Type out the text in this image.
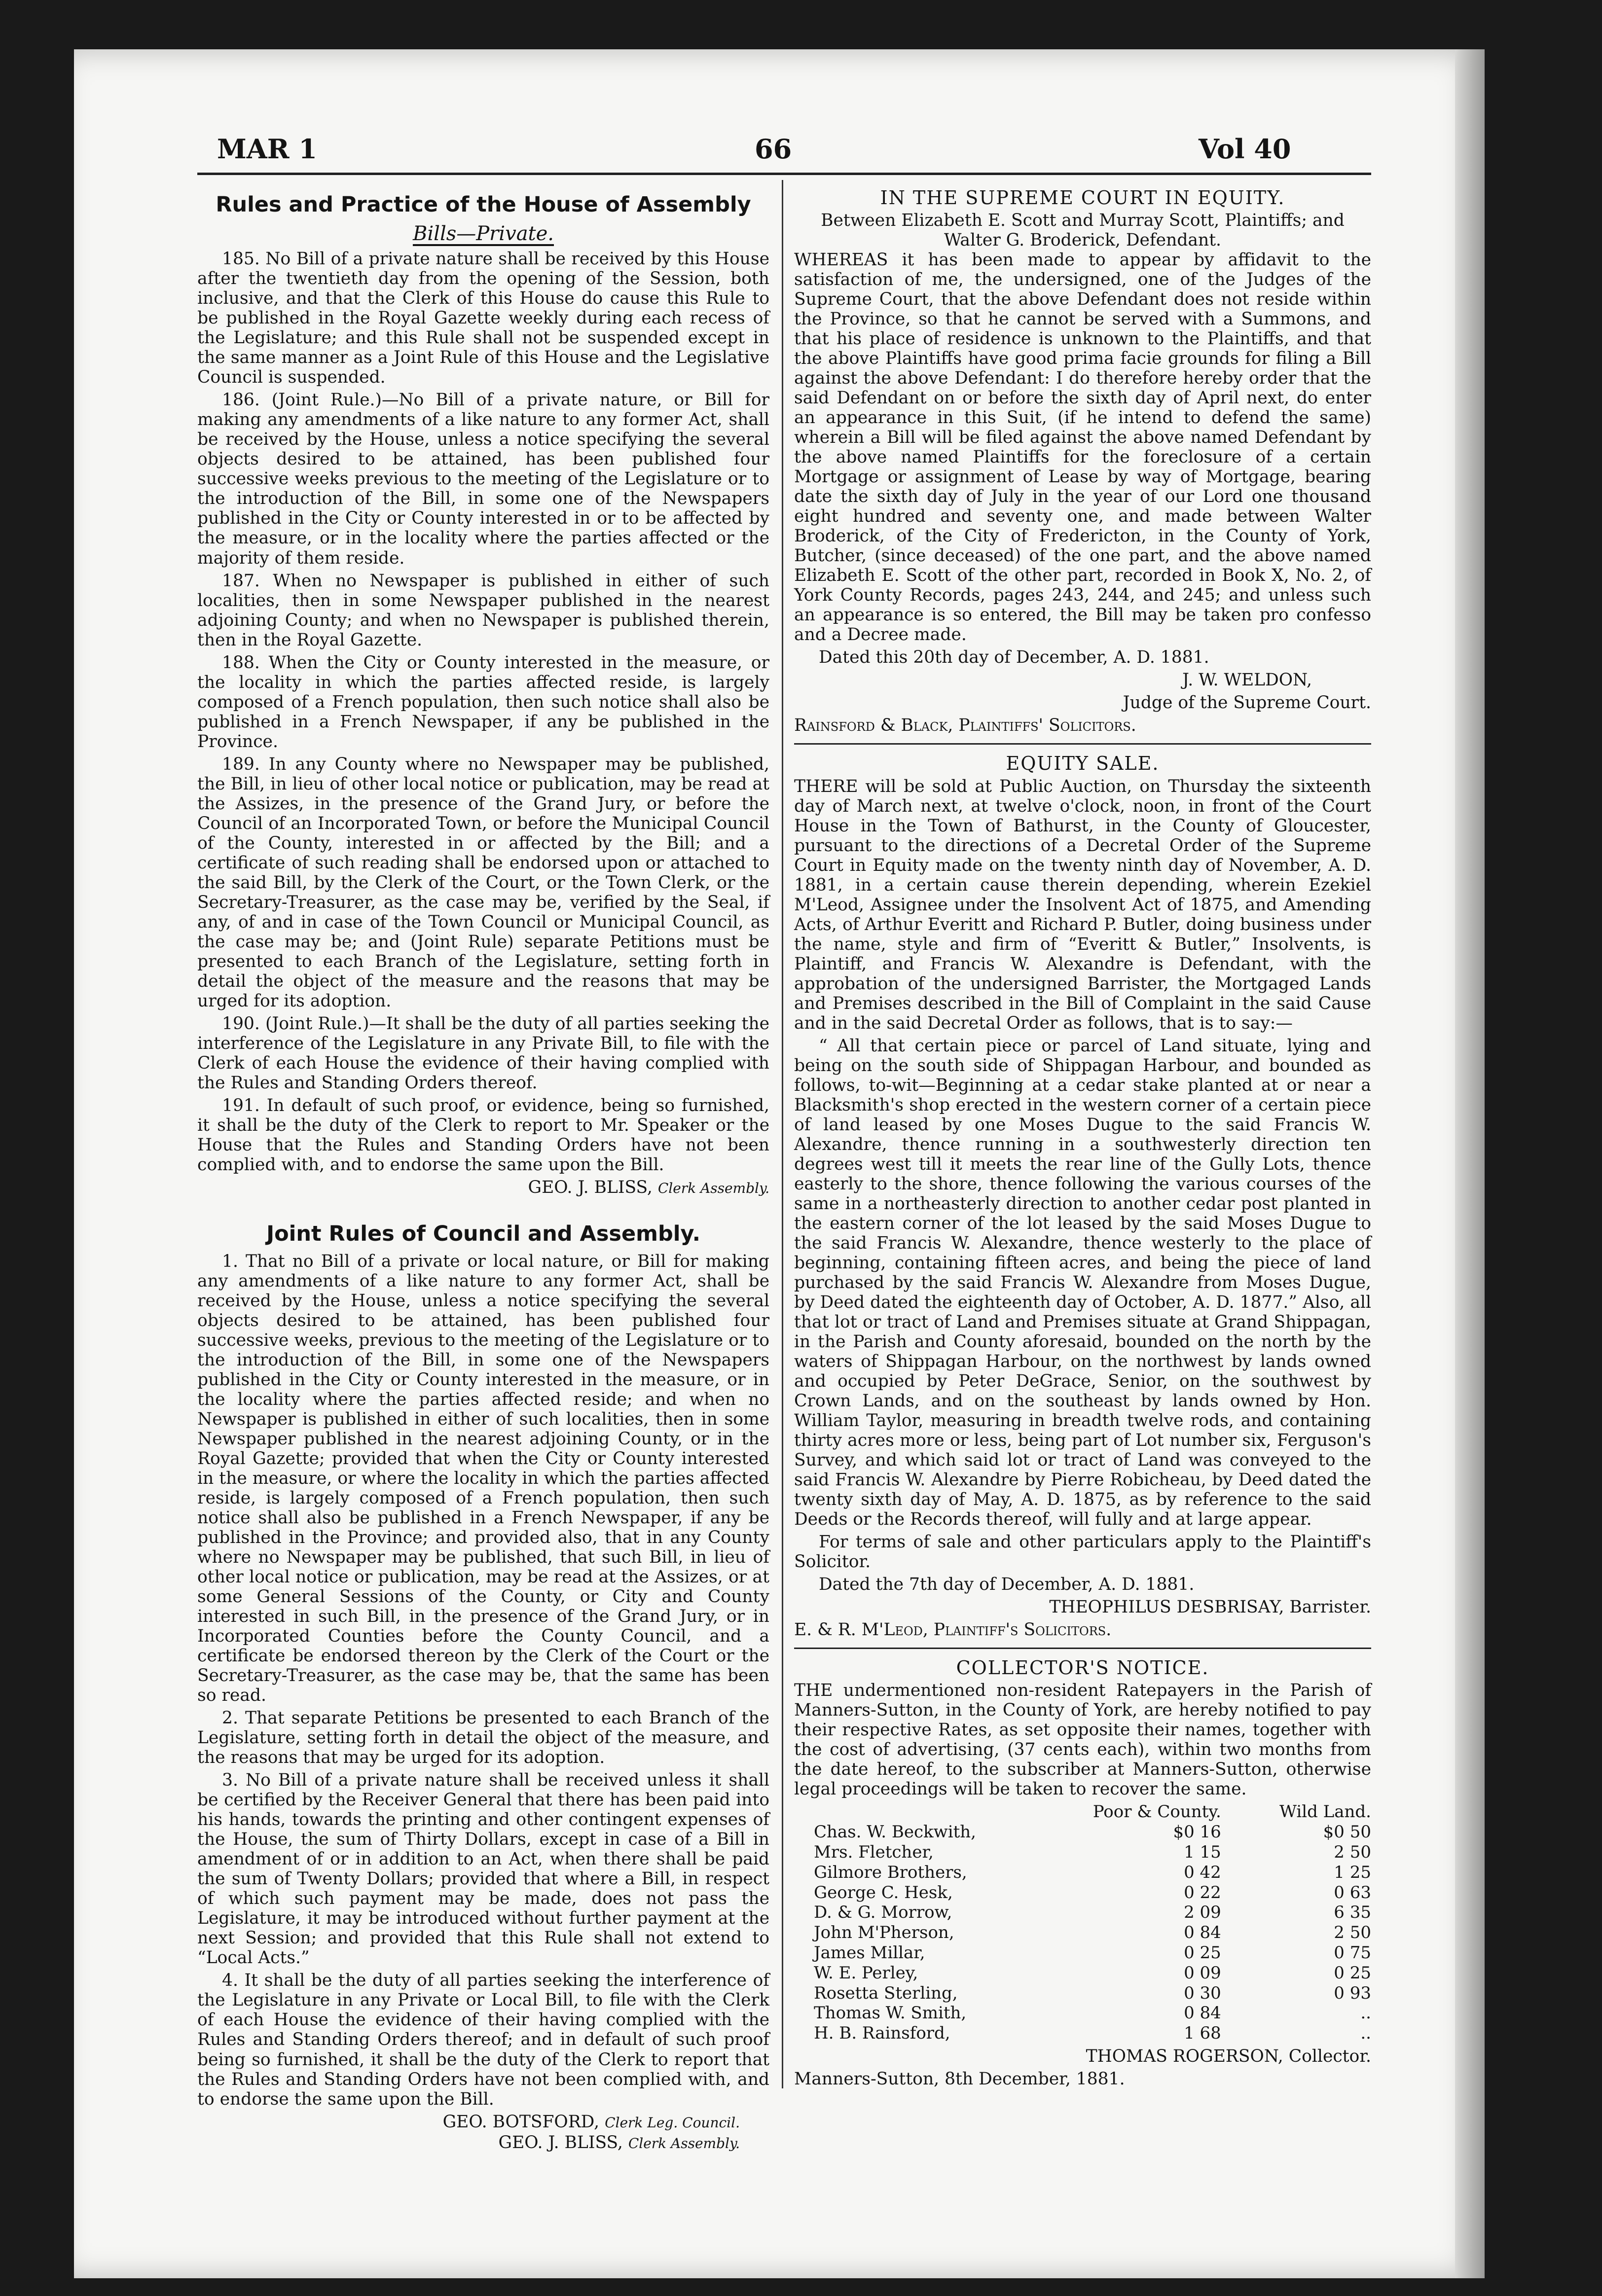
MAR 1	66	Vol 40
Rules and Practice of the House of Assembly
Bills—Private.

185. No Bill of a private nature shall be received by this House after the twentieth day from the opening of the Session, both inclusive, and that the Clerk of this House do cause this Rule to be published in the Royal Gazette weekly during each recess of the Legislature; and this Rule shall not be suspended except in the same manner as a Joint Rule of this House and the Legislative Council is suspended.

186. (Joint Rule.)—No Bill of a private nature, or Bill for making any amendments of a like nature to any former Act, shall be received by the House, unless a notice specifying the several objects desired to be attained, has been published four successive weeks previous to the meeting of the Legislature or to the introduction of the Bill, in some one of the Newspapers published in the City or County interested in or to be affected by the measure, or in the locality where the parties affected or the majority of them reside.

187. When no Newspaper is published in either of such localities, then in some Newspaper published in the nearest adjoining County; and when no Newspaper is published therein, then in the Royal Gazette.

188. When the City or County interested in the measure, or the locality in which the parties affected reside, is largely composed of a French population, then such notice shall also be published in a French Newspaper, if any be published in the Province.

189. In any County where no Newspaper may be published, the Bill, in lieu of other local notice or publication, may be read at the Assizes, in the presence of the Grand Jury, or before the Council of an Incorporated Town, or before the Municipal Council of the County, interested in or affected by the Bill; and a certificate of such reading shall be endorsed upon or attached to the said Bill, by the Clerk of the Court, or the Town Clerk, or the Secretary-Treasurer, as the case may be, verified by the Seal, if any, of and in case of the Town Council or Municipal Council, as the case may be; and (Joint Rule) separate Petitions must be presented to each Branch of the Legislature, setting forth in detail the object of the measure and the reasons that may be urged for its adoption.

190. (Joint Rule.)—It shall be the duty of all parties seeking the interference of the Legislature in any Private Bill, to file with the Clerk of each House the evidence of their having complied with the Rules and Standing Orders thereof.

191. In default of such proof, or evidence, being so furnished, it shall be the duty of the Clerk to report to Mr. Speaker or the House that the Rules and Standing Orders have not been complied with, and to endorse the same upon the Bill.

GEO. J. BLISS, Clerk Assembly.
Joint Rules of Council and Assembly.

1. That no Bill of a private or local nature, or Bill for making any amendments of a like nature to any former Act, shall be received by the House, unless a notice specifying the several objects desired to be attained, has been published four successive weeks, previous to the meeting of the Legislature or to the introduction of the Bill, in some one of the Newspapers published in the City or County interested in the measure, or in the locality where the parties affected reside; and when no Newspaper is published in either of such localities, then in some Newspaper published in the nearest adjoining County, or in the Royal Gazette; provided that when the City or County interested in the measure, or where the locality in which the parties affected reside, is largely composed of a French population, then such notice shall also be published in a French Newspaper, if any be published in the Province; and provided also, that in any County where no Newspaper may be published, that such Bill, in lieu of other local notice or publication, may be read at the Assizes, or at some General Sessions of the County, or City and County interested in such Bill, in the presence of the Grand Jury, or in Incorporated Counties before the County Council, and a certificate be endorsed thereon by the Clerk of the Court or the Secretary-Treasurer, as the case may be, that the same has been so read.

2. That separate Petitions be presented to each Branch of the Legislature, setting forth in detail the object of the measure, and the reasons that may be urged for its adoption.

3. No Bill of a private nature shall be received unless it shall be certified by the Receiver General that there has been paid into his hands, towards the printing and other contingent expenses of the House, the sum of Thirty Dollars, except in case of a Bill in amendment of or in addition to an Act, when there shall be paid the sum of Twenty Dollars; provided that where a Bill, in respect of which such payment may be made, does not pass the Legislature, it may be introduced without further payment at the next Session; and provided that this Rule shall not extend to “Local Acts.”

4. It shall be the duty of all parties seeking the interference of the Legislature in any Private or Local Bill, to file with the Clerk of each House the evidence of their having complied with the Rules and Standing Orders thereof; and in default of such proof being so furnished, it shall be the duty of the Clerk to report that the Rules and Standing Orders have not been complied with, and to endorse the same upon the Bill.

GEO. BOTSFORD, Clerk Leg. Council.
GEO. J. BLISS, Clerk Assembly.
IN THE SUPREME COURT IN EQUITY.
Between Elizabeth E. Scott and Murray Scott, Plaintiffs; and
Walter G. Broderick, Defendant.

WHEREAS it has been made to appear by affidavit to the satisfaction of me, the undersigned, one of the Judges of the Supreme Court, that the above Defendant does not reside within the Province, so that he cannot be served with a Summons, and that his place of residence is unknown to the Plaintiffs, and that the above Plaintiffs have good prima facie grounds for filing a Bill against the above Defendant: I do therefore hereby order that the said Defendant on or before the sixth day of April next, do enter an appearance in this Suit, (if he intend to defend the same) wherein a Bill will be filed against the above named Defendant by the above named Plaintiffs for the foreclosure of a certain Mortgage or assignment of Lease by way of Mortgage, bearing date the sixth day of July in the year of our Lord one thousand eight hundred and seventy one, and made between Walter Broderick, of the City of Fredericton, in the County of York, Butcher, (since deceased) of the one part, and the above named Elizabeth E. Scott of the other part, recorded in Book X, No. 2, of York County Records, pages 243, 244, and 245; and unless such an appearance is so entered, the Bill may be taken pro confesso and a Decree made.

Dated this 20th day of December, A. D. 1881.

J. W. WELDON,
Judge of the Supreme Court.
Rainsford & Black, Plaintiffs' Solicitors.
EQUITY SALE.

THERE will be sold at Public Auction, on Thursday the sixteenth day of March next, at twelve o'clock, noon, in front of the Court House in the Town of Bathurst, in the County of Gloucester, pursuant to the directions of a Decretal Order of the Supreme Court in Equity made on the twenty ninth day of November, A. D. 1881, in a certain cause therein depending, wherein Ezekiel M'Leod, Assignee under the Insolvent Act of 1875, and Amending Acts, of Arthur Everitt and Richard P. Butler, doing business under the name, style and firm of “Everitt & Butler,” Insolvents, is Plaintiff, and Francis W. Alexandre is Defendant, with the approbation of the undersigned Barrister, the Mortgaged Lands and Premises described in the Bill of Complaint in the said Cause and in the said Decretal Order as follows, that is to say:—

“ All that certain piece or parcel of Land situate, lying and being on the south side of Shippagan Harbour, and bounded as follows, to-wit—Beginning at a cedar stake planted at or near a Blacksmith's shop erected in the western corner of a certain piece of land leased by one Moses Dugue to the said Francis W. Alexandre, thence running in a southwesterly direction ten degrees west till it meets the rear line of the Gully Lots, thence easterly to the shore, thence following the various courses of the same in a northeasterly direction to another cedar post planted in the eastern corner of the lot leased by the said Moses Dugue to the said Francis W. Alexandre, thence westerly to the place of beginning, containing fifteen acres, and being the piece of land purchased by the said Francis W. Alexandre from Moses Dugue, by Deed dated the eighteenth day of October, A. D. 1877.” Also, all that lot or tract of Land and Premises situate at Grand Shippagan, in the Parish and County aforesaid, bounded on the north by the waters of Shippagan Harbour, on the northwest by lands owned and occupied by Peter DeGrace, Senior, on the southwest by Crown Lands, and on the southeast by lands owned by Hon. William Taylor, measuring in breadth twelve rods, and containing thirty acres more or less, being part of Lot number six, Ferguson's Survey, and which said lot or tract of Land was conveyed to the said Francis W. Alexandre by Pierre Robicheau, by Deed dated the twenty sixth day of May, A. D. 1875, as by reference to the said Deeds or the Records thereof, will fully and at large appear.

For terms of sale and other particulars apply to the Plaintiff's Solicitor.

Dated the 7th day of December, A. D. 1881.

THEOPHILUS DESBRISAY, Barrister.
E. & R. M'Leod, Plaintiff's Solicitors.
COLLECTOR'S NOTICE.

THE undermentioned non-resident Ratepayers in the Parish of Manners-Sutton, in the County of York, are hereby notified to pay their respective Rates, as set opposite their names, together with the cost of advertising, (37 cents each), within two months from the date hereof, to the subscriber at Manners-Sutton, otherwise legal proceedings will be taken to recover the same.

	Poor & County.	Wild Land.
Chas. W. Beckwith,	$0 16	$0 50
Mrs. Fletcher,	1 15	2 50
Gilmore Brothers,	0 42	1 25
George C. Hesk,	0 22	0 63
D. & G. Morrow,	2 09	6 35
John M'Pherson,	0 84	2 50
James Millar,	0 25	0 75
W. E. Perley,	0 09	0 25
Rosetta Sterling,	0 30	0 93
Thomas W. Smith,	0 84	..
H. B. Rainsford,	1 68	..
THOMAS ROGERSON, Collector.
Manners-Sutton, 8th December, 1881.
